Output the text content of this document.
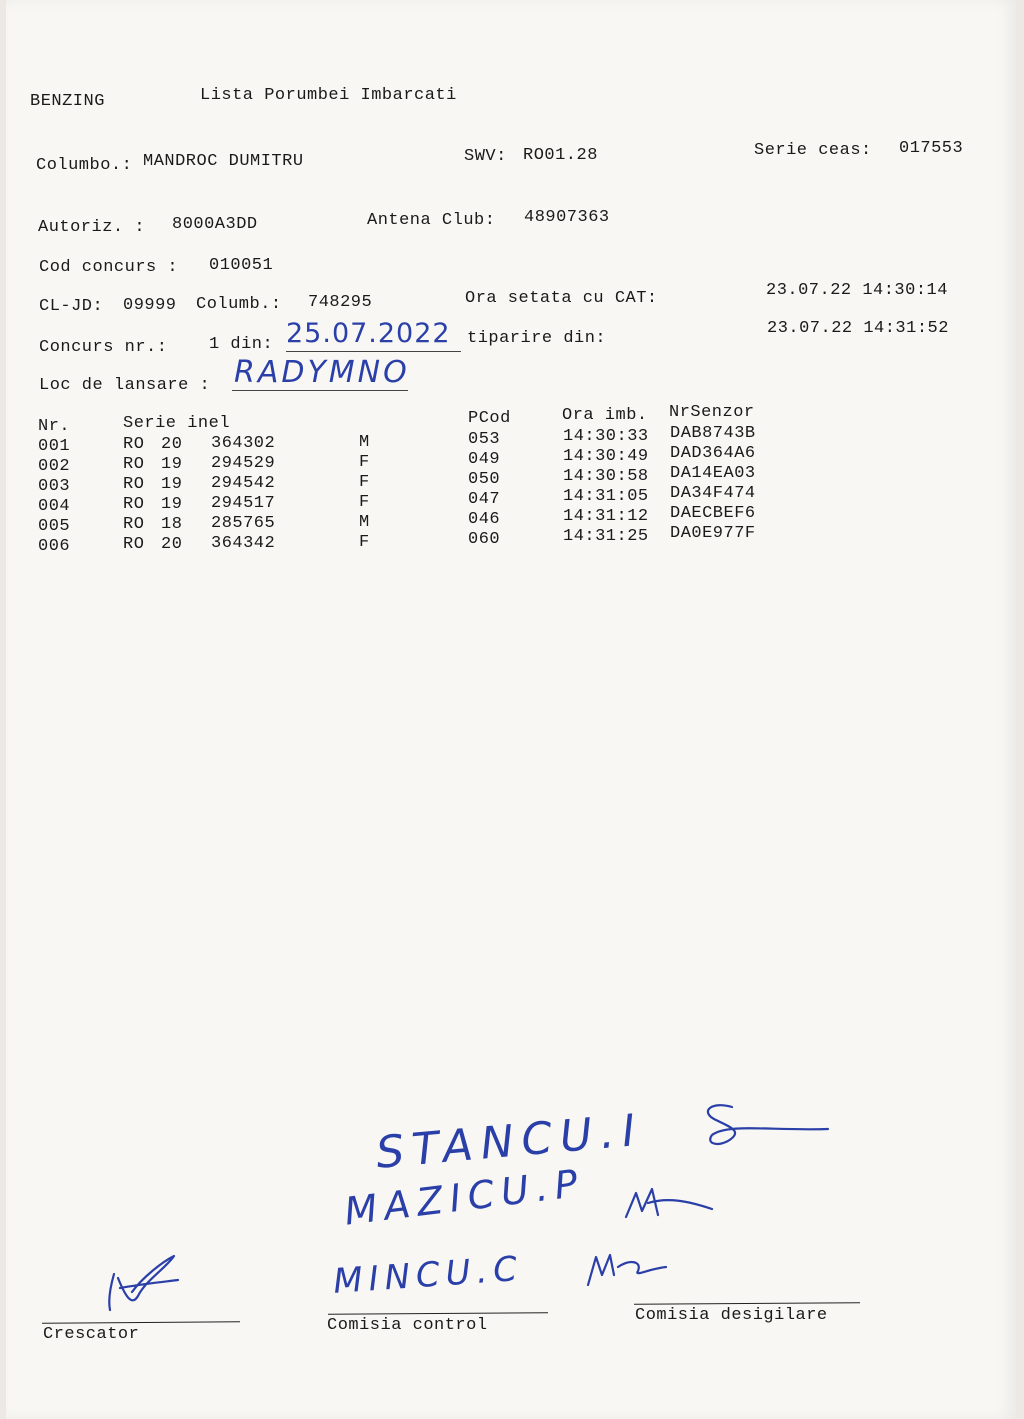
BENZING	Lista Porumbei Imbarcati
Columbo.: MANDROC DUMITRU	SWV: RO01.28	Serie ceas: 017553
Autoriz. : 8000A3DD	Antena Club: 48907363
Cod concurs : 010051
CL-JD: 09999 Columb.: 748295	Ora setata cu CAT:	23.07.22 14:30:14
Concurs nr.: 1 din: 25.07.2022 tiparire din:
23.07.22 14:31:52
Loc de lansare : RADYMNO
Nr.	Serie inel	PCod	Ora imb. NrSenzor
001	RO 20 364302	M	053	14:30:33 DAB8743B
002	RO 19 294529	F	049	14:30:49 DAD364A6
003	RO 19 294542	F	050	14:30:58 DA14EA03
004	RO 19 294517	F	047	14:31:05 DA34F474
005	RO 18 285765	M	046	14:31:12 DAECBEF6
006	RO 20 364342	F	060	14:31:25 DA0E977F
STANCU.I
MAZICU.P
MINCU.C
Crescator	Comisia control
Comisia desigilare
